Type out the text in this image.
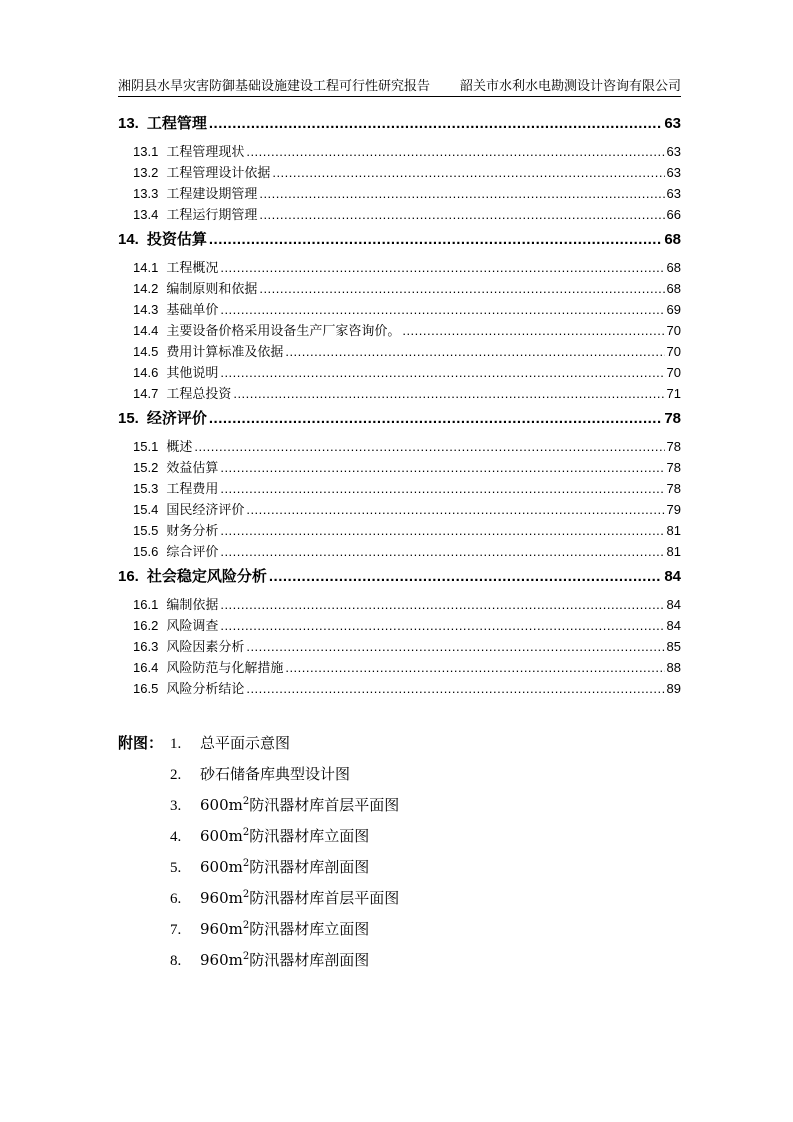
湘阴县水旱灾害防御基础设施建设工程可行性研究报告 韶关市水利水电勘测设计咨询有限公司
13. 工程管理 .....	63
13.1 工程管理现状 .....	63
13.2 工程管理设计依据 .....	63
13.3 工程建设期管理 .....	63
13.4 工程运行期管理 .....	66
14. 投资估算 .....	68
14.1 工程概况 .....	68
14.2 编制原则和依据 .....	68
14.3 基础单价 .....	69
14.4 主要设备价格采用设备生产厂家咨询价。 .....	70
14.5 费用计算标准及依据 .....	70
14.6 其他说明 .....	70
14.7 工程总投资 .....	71
15. 经济评价 .....	78
15.1 概述 .....	78
15.2 效益估算 .....	78
15.3 工程费用 .....	78
15.4 国民经济评价 .....	79
15.5 财务分析 .....	81
15.6 综合评价 .....	81
16. 社会稳定风险分析 .....	84
16.1 编制依据 .....	84
16.2 风险调查 .....	84
16.3 风险因素分析 .....	85
16.4 风险防范与化解措施 .....	88
16.5 风险分析结论 .....	89
附图： 1.	总平面示意图
2.	砂石储备库典型设计图
3.	$600m^2$防汛器材库首层平面图
4.	$600m^2$防汛器材库立面图
5.	$600m^2$防汛器材库剖面图
6.	$960m^2$防汛器材库首层平面图
7.	$960m^2$防汛器材库立面图
8.	$960m^2$防汛器材库剖面图
